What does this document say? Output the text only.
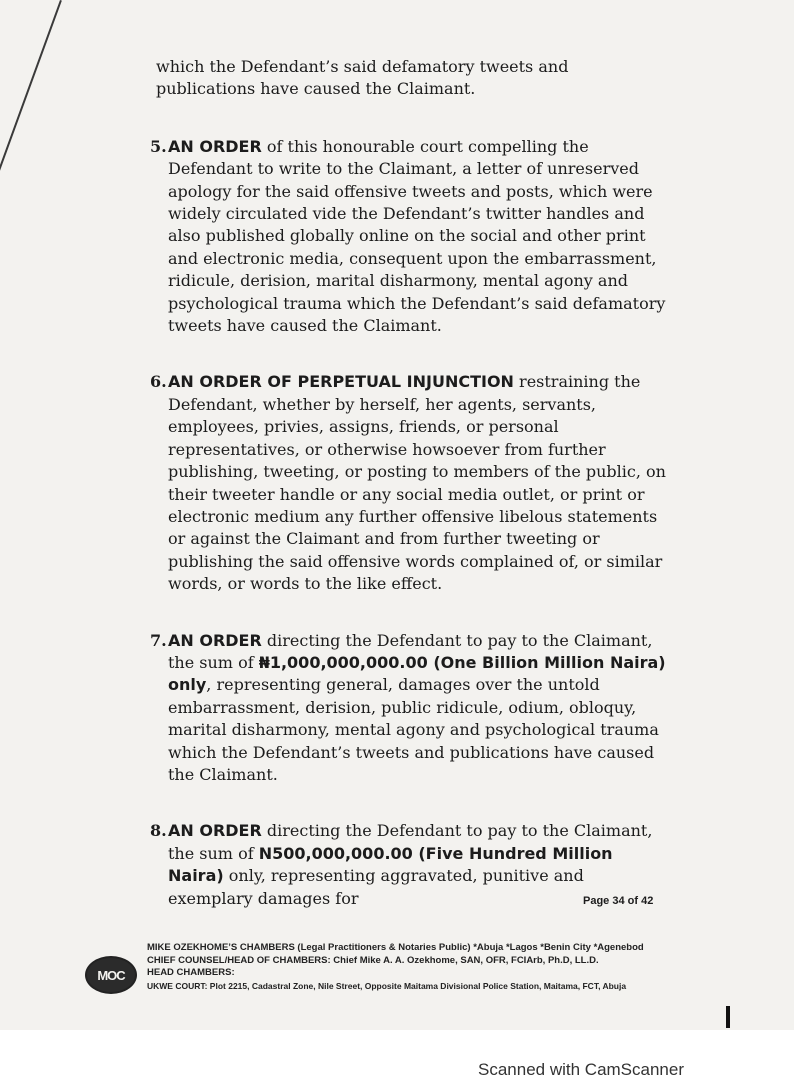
which the Defendant’s said defamatory tweets and publications have caused the Claimant.

5. AN ORDER of this honourable court compelling the Defendant to write to the Claimant, a letter of unreserved apology for the said offensive tweets and posts, which were widely circulated vide the Defendant’s twitter handles and also published globally online on the social and other print and electronic media, consequent upon the embarrassment, ridicule, derision, marital disharmony, mental agony and psychological trauma which the Defendant’s said defamatory tweets have caused the Claimant.

6. AN ORDER OF PERPETUAL INJUNCTION restraining the Defendant, whether by herself, her agents, servants, employees, privies, assigns, friends, or personal representatives, or otherwise howsoever from further publishing, tweeting, or posting to members of the public, on their tweeter handle or any social media outlet, or print or electronic medium any further offensive libelous statements or against the Claimant and from further tweeting or publishing the said offensive words complained of, or similar words, or words to the like effect.

7. AN ORDER directing the Defendant to pay to the Claimant, the sum of ₦1,000,000,000.00 (One Billion Million Naira) only, representing general, damages over the untold embarrassment, derision, public ridicule, odium, obloquy, marital disharmony, mental agony and psychological trauma which the Defendant’s tweets and publications have caused the Claimant.

8. AN ORDER directing the Defendant to pay to the Claimant, the sum of N500,000,000.00 (Five Hundred Million Naira) only, representing aggravated, punitive and exemplary damages for	Page 34 of 42
MOC
MIKE OZEKHOME’S CHAMBERS (Legal Practitioners & Notaries Public) *Abuja *Lagos *Benin City *Agenebod
CHIEF COUNSEL/HEAD OF CHAMBERS: Chief Mike A. A. Ozekhome, SAN, OFR, FCIArb, Ph.D, LL.D.
HEAD CHAMBERS:
UKWE COURT: Plot 2215, Cadastral Zone, Nile Street, Opposite Maitama Divisional Police Station, Maitama, FCT, Abuja
Scanned with CamScanner
